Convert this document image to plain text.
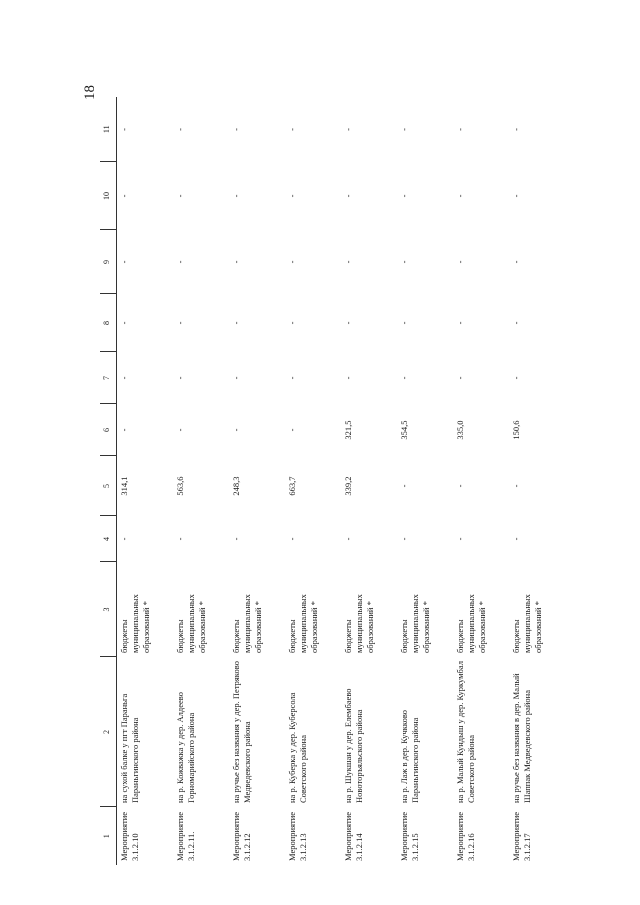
18
1	2	3	4	5	6	7	8	9	10	11
Мероприятие 3.1.2.10	на сухой балке у пгт Параньга Параньгинского района	бюджеты муниципальных образований *	-	314,1	-	-	-	-	-	-
Мероприятие 3.1.2.11.	на р. Кожважка у дер. Алдеево Горномарийского района	бюджеты муниципальных образований *	-	563,6	-	-	-	-	-	-
Мероприятие 3.1.2.12	на ручье без названия у дер. Петряково Медведевского района	бюджеты муниципальных образований *	-	248,3	-	-	-	-	-	-
Мероприятие 3.1.2.13	на р. Куберка у дер. Куберсола Советского района	бюджеты муниципальных образований *	-	663,7	-	-	-	-	-	-
Мероприятие 3.1.2.14	на р. Шукшан у дер. Елембаево Новоторъяльского района	бюджеты муниципальных образований *	-	339,2	321,5	-	-	-	-	-
Мероприятие 3.1.2.15	на р. Лаж в дер. Кучкково Параньгинского района	бюджеты муниципальных образований *	-	-	354,5	-	-	-	-	-
Мероприятие 3.1.2.16	на р. Малый Кундыш у дер. Куркумбал Советского района	бюджеты муниципальных образований *	-	-	335,0	-	-	-	-	-
Мероприятие 3.1.2.17	на ручье без названия в дер. Малый Шаппак Медведевского района	бюджеты муниципальных образований *	-	-	150,6	-	-	-	-	-
